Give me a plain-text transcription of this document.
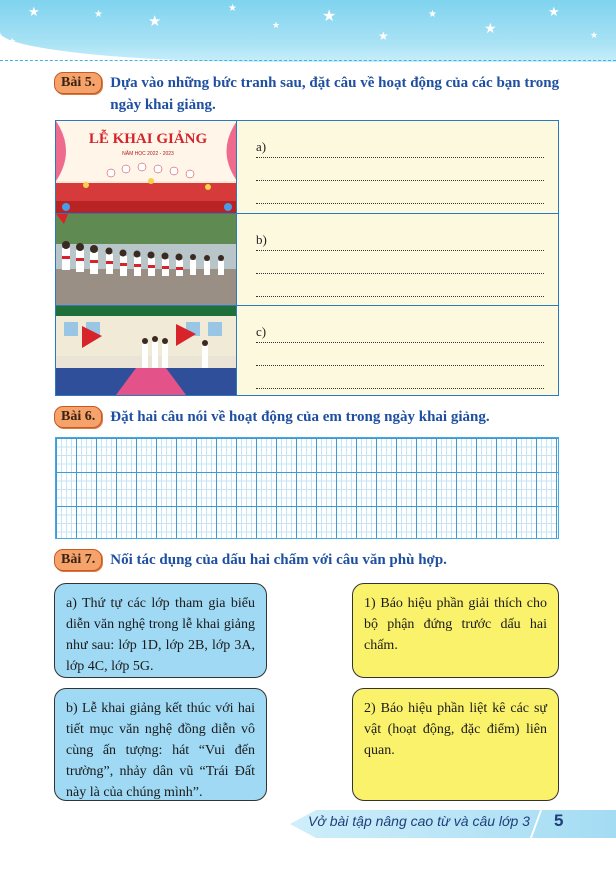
★	★	★
★
★
★
★
★
★
★
★
★
Bài 5.	Dựa vào những bức tranh sau, đặt câu về hoạt động của các bạn trong ngày khai giảng.
LỄ KHAI GIẢNG
NĂM HỌC 2022 - 2023	a)
b)
c)
Bài 6.	Đặt hai câu nói về hoạt động của em trong ngày khai giảng.
Bài 7.	Nối tác dụng của dấu hai chấm với câu văn phù hợp.
a) Thứ tự các lớp tham gia biểu diễn văn nghệ trong lễ khai giảng như sau: lớp 1D, lớp 2B, lớp 3A, lớp 4C, lớp 5G.
b) Lễ khai giảng kết thúc với hai tiết mục văn nghệ đồng diễn vô cùng ấn tượng: hát “Vui đến trường”, nhảy dân vũ “Trái Đất này là của chúng mình”.
1) Báo hiệu phần giải thích cho bộ phận đứng trước dấu hai chấm.
2) Báo hiệu phần liệt kê các sự vật (hoạt động, đặc điểm) liên quan.
Vở bài tập nâng cao từ và câu lớp 3 5
